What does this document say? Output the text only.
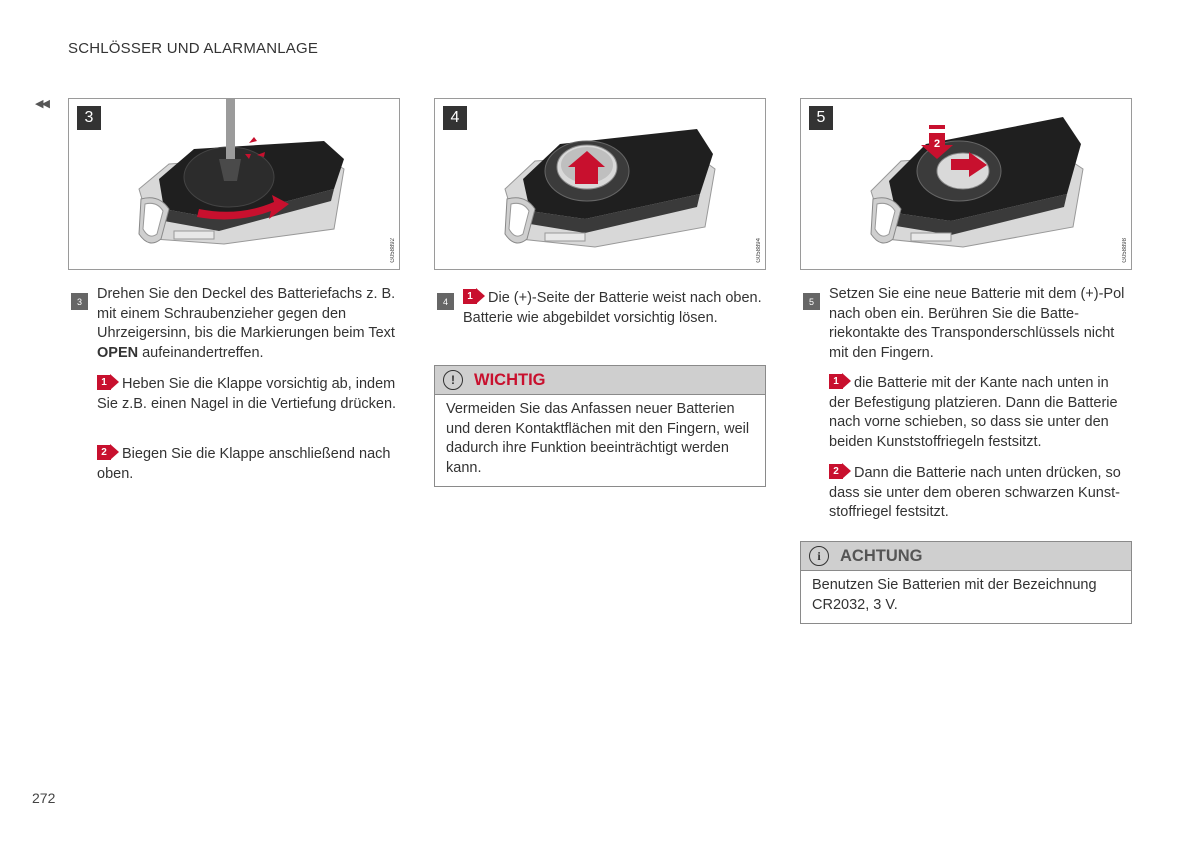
SCHLÖSSER UND ALARMANLAGE
◀◀
3
G058892
4
G058894
2
5
G058898
3	Drehen Sie den Deckel des Batteriefachs z. B. mit einem Schraubenzieher gegen den Uhrzeigersinn, bis die Markierungen beim Text OPEN aufeinandertreffen.
1 Heben Sie die Klappe vorsichtig ab, indem Sie z.B. einen Nagel in die Vertiefung drücken.
2 Biegen Sie die Klappe anschließend nach oben.
4	1 Die (+)-Seite der Batterie weist nach oben. Batterie wie abgebildet vorsichtig lösen.
!	WICHTIG
Vermeiden Sie das Anfassen neuer Batterien und deren Kontaktflächen mit den Fingern, weil dadurch ihre Funktion beeinträchtigt werden kann.
5	Setzen Sie eine neue Batterie mit dem (+)-Pol nach oben ein. Berühren Sie die Batteriekontakte des Transponderschlüssels nicht mit den Fingern.
1 die Batterie mit der Kante nach unten in der Befestigung platzieren. Dann die Batterie nach vorne schieben, so dass sie unter den beiden Kunststoffriegeln festsitzt.
2 Dann die Batterie nach unten drücken, so dass sie unter dem oberen schwarzen Kunststoffriegel festsitzt.
i	ACHTUNG
Benutzen Sie Batterien mit der Bezeichnung CR2032, 3 V.
272
